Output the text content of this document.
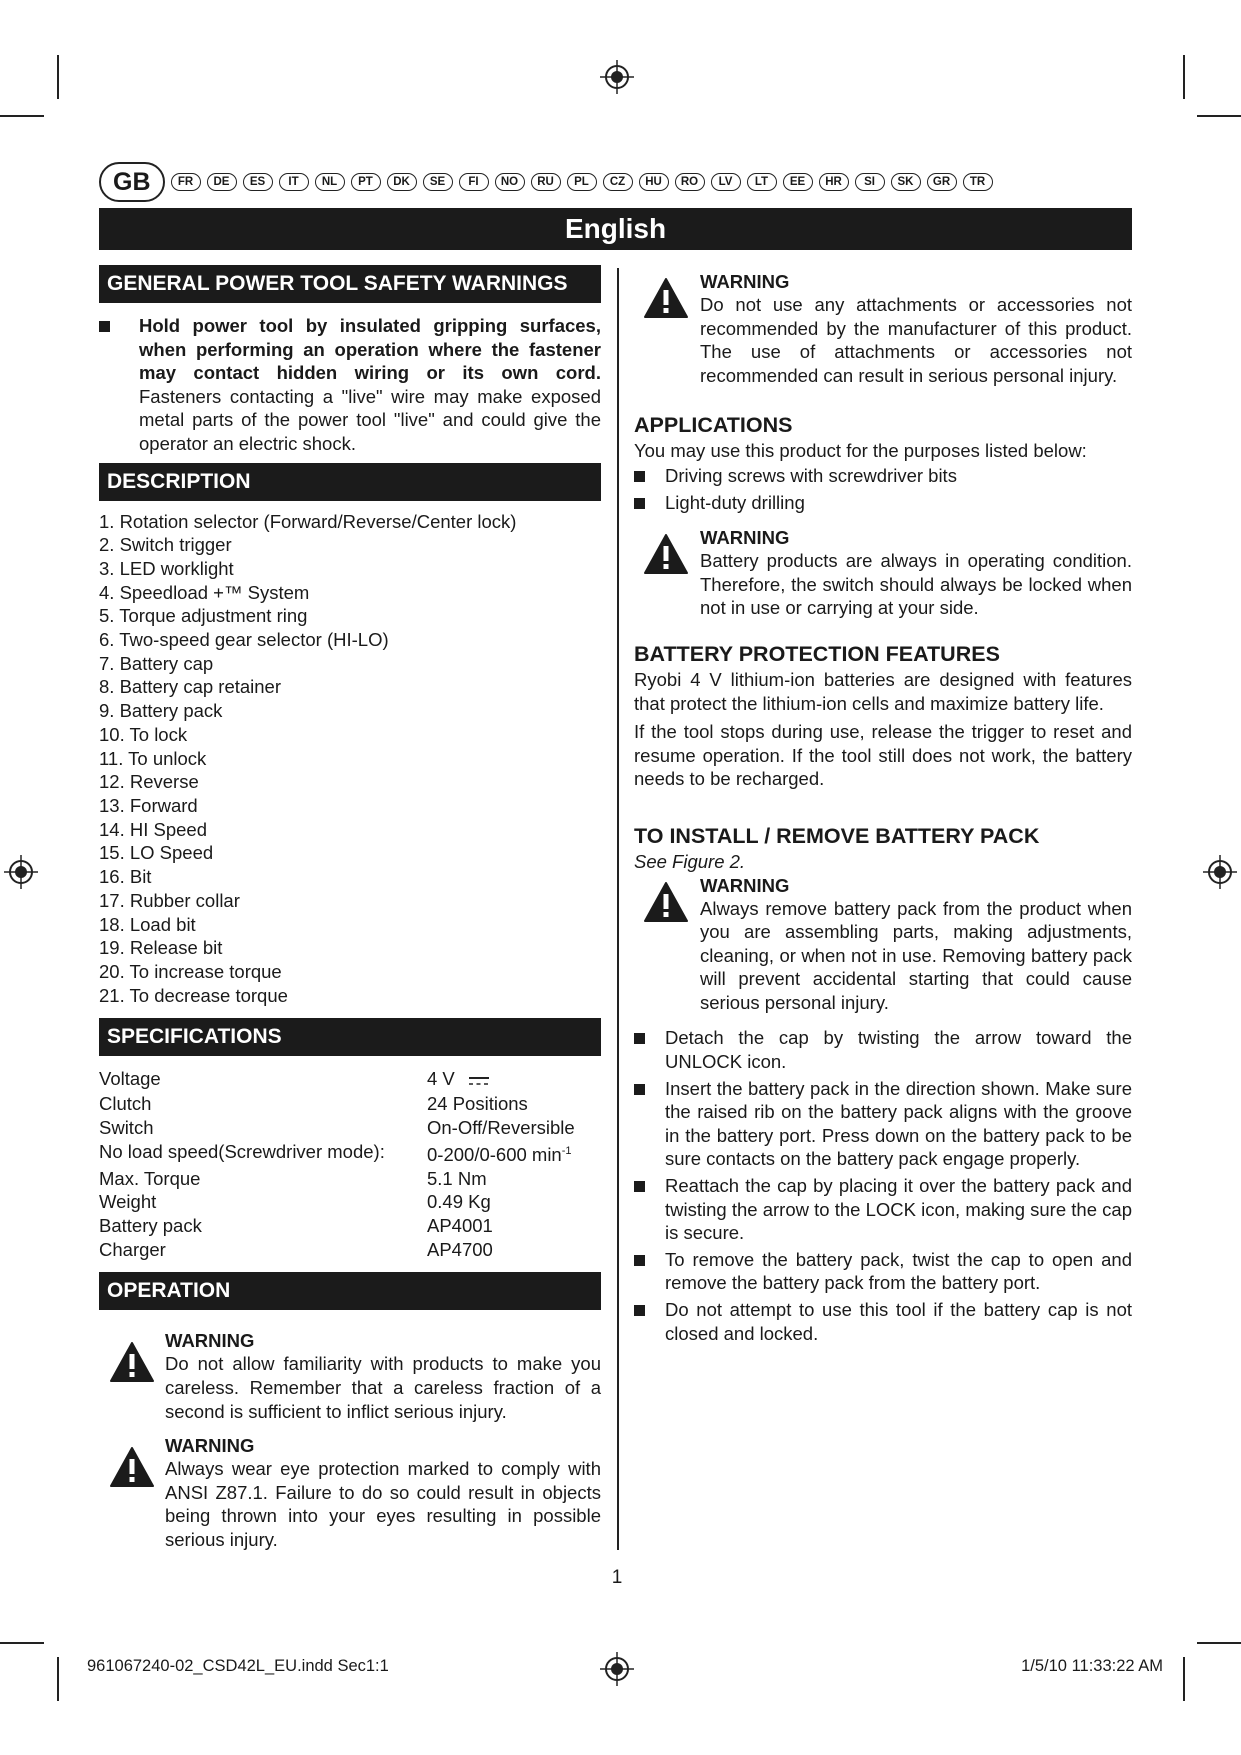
GB	FR	DE	ES	IT	NL	PT	DK	SE	FI	NO	RU	PL	CZ	HU	RO	LV	LT	EE	HR	SI	SK	GR	TR
English
GENERAL POWER TOOL SAFETY WARNINGS
Hold power tool by insulated gripping surfaces, when performing an operation where the fastener may contact hidden wiring or its own cord. Fasteners contacting a "live" wire may make exposed metal parts of the power tool "live" and could give the operator an electric shock.
DESCRIPTION
1. Rotation selector (Forward/Reverse/Center lock)
2. Switch trigger
3. LED worklight
4. Speedload +™ System
5. Torque adjustment ring
6. Two-speed gear selector (HI-LO)
7. Battery cap
8. Battery cap retainer
9. Battery pack
10. To lock
11. To unlock
12. Reverse
13. Forward
14. HI Speed
15. LO Speed
16. Bit
17. Rubber collar
18. Load bit
19. Release bit
20. To increase torque
21. To decrease torque
SPECIFICATIONS
Voltage	4 V
Clutch	24 Positions
Switch	On-Off/Reversible
No load speed(Screwdriver mode):	0-200/0-600 $\min^{-1}$
Max. Torque	5.1 Nm
Weight	0.49 Kg
Battery pack	AP4001
Charger	AP4700
OPERATION
WARNING
Do not allow familiarity with products to make you careless. Remember that a careless fraction of a second is sufficient to inflict serious injury.
WARNING
Always wear eye protection marked to comply with ANSI Z87.1. Failure to do so could result in objects being thrown into your eyes resulting in possible serious injury.
WARNING
Do not use any attachments or accessories not recommended by the manufacturer of this product. The use of attachments or accessories not recommended can result in serious personal injury.
APPLICATIONS
You may use this product for the purposes listed below:
Driving screws with screwdriver bits
Light-duty drilling
WARNING
Battery products are always in operating condition. Therefore, the switch should always be locked when not in use or carrying at your side.
BATTERY PROTECTION FEATURES
Ryobi 4 V lithium-ion batteries are designed with features that protect the lithium-ion cells and maximize battery life.
If the tool stops during use, release the trigger to reset and resume operation. If the tool still does not work, the battery needs to be recharged.
TO INSTALL / REMOVE BATTERY PACK
See Figure 2.
WARNING
Always remove battery pack from the product when you are assembling parts, making adjustments, cleaning, or when not in use. Removing battery pack will prevent accidental starting that could cause serious personal injury.
Detach the cap by twisting the arrow toward the UNLOCK icon.
Insert the battery pack in the direction shown. Make sure the raised rib on the battery pack aligns with the groove in the battery port. Press down on the battery pack to be sure contacts on the battery pack engage properly.
Reattach the cap by placing it over the battery pack and twisting the arrow to the LOCK icon, making sure the cap is secure.
To remove the battery pack, twist the cap to open and remove the battery pack from the battery port.
Do not attempt to use this tool if the battery cap is not closed and locked.
1
961067240-02_CSD42L_EU.indd Sec1:1	1/5/10 11:33:22 AM
